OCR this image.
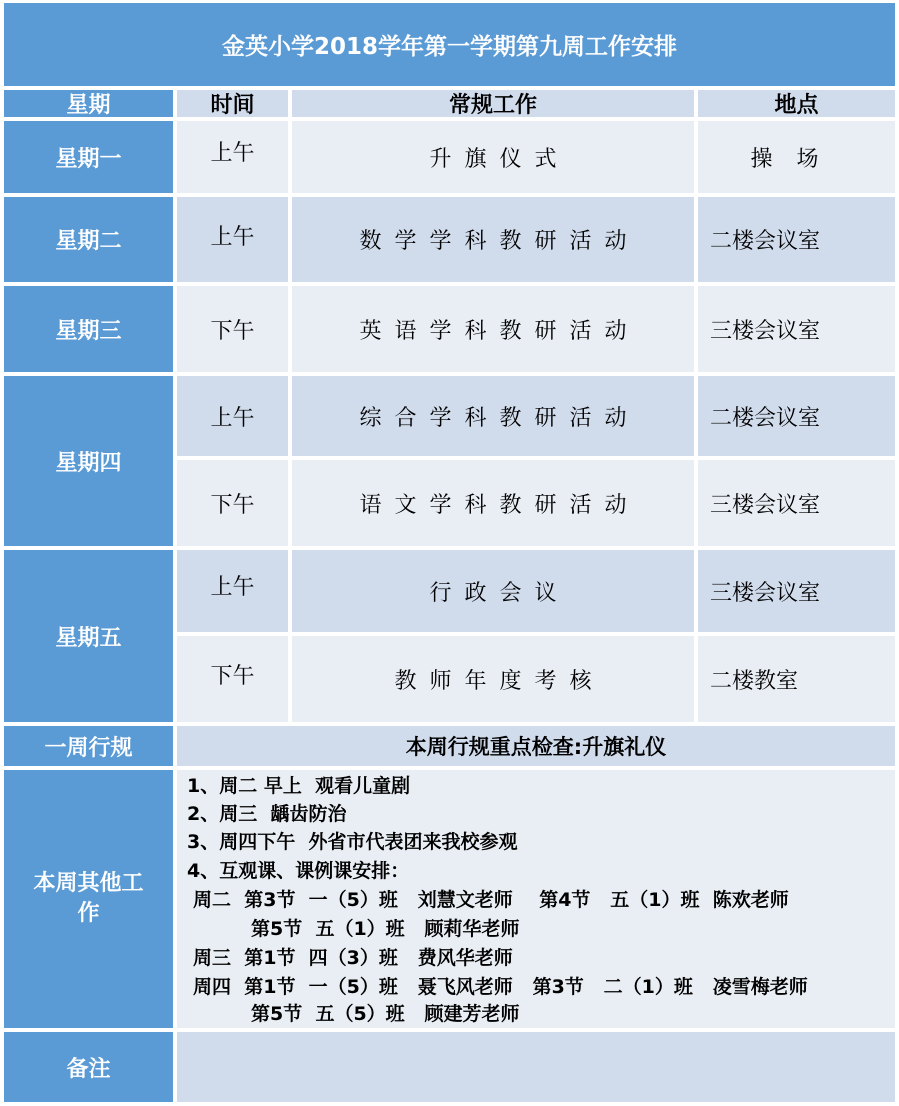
金英小学2018学年第一学期第九周工作安排
星期	时间	常规工作	地点
星期一	上午	升旗仪式	操场
星期二	上午	数学学科教研活动	二楼会议室
星期三	下午	英语学科教研活动	三楼会议室
星期四
上午	综合学科教研活动	二楼会议室
下午	语文学科教研活动	三楼会议室
星期五
上午	行政会议	三楼会议室
下午	教师年度考核	二楼教室
一周行规	本周行规重点检查:升旗礼仪
本周其他工作
1、周二 早上  观看儿童剧
2、周三  龋齿防治
3、周四下午  外省市代表团来我校参观
4、互观课、课例课安排：
周二  第3节  一（5）班   刘慧文老师    第4节   五（1）班  陈欢老师
第5节  五（1）班   顾莉华老师
周三  第1节  四（3）班   费风华老师
周四  第1节  一（5）班   聂飞风老师   第3节   二（1）班   凌雪梅老师
第5节  五（5）班   顾建芳老师
备注
